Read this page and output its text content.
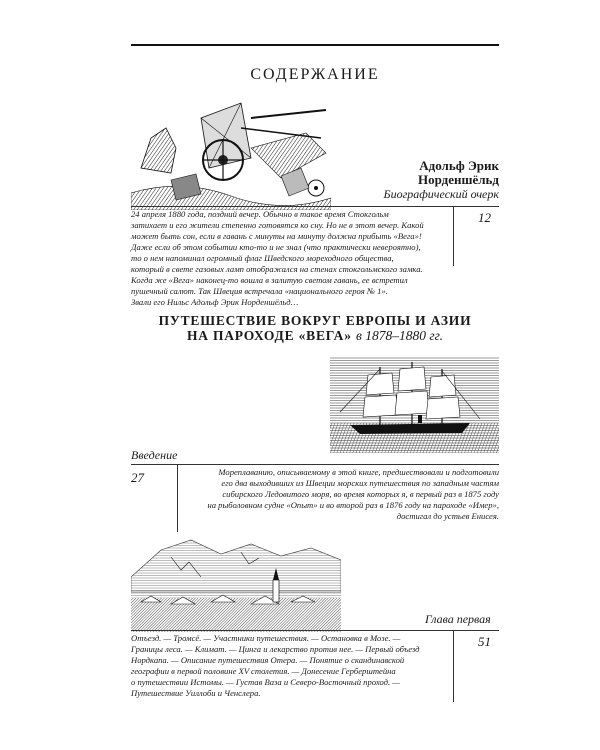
СОДЕРЖАНИЕ
Адольф Эрик
Норденшёльд
Биографический очерк
12
24 апреля 1880 года, поздний вечер. Обычно в такое время Стокгольм
затихает и его жители степенно готовятся ко сну. Но не в этот вечер. Какой
может быть сон, если в гавань с минуты на минуту должна прибыть «Вега»!
Даже если об этом событии кто-то и не знал (что практически невероятно),
то о нем напоминал огромный флаг Шведского мореходного общества,
который в свете газовых ламп отображался на стенах стокгольмского замка.
Когда же «Вега» наконец-то вошла в залитую светом гавань, ее встретил
пушечный салют. Так Швеция встречала «национального героя № 1».
Звали его Нильс Адольф Эрик Норденшёльд…
ПУТЕШЕСТВИЕ ВОКРУГ ЕВРОПЫ И АЗИИ
НА ПАРОХОДЕ «ВЕГА» в 1878–1880 гг.
Введение
27	Мореплаванию, описываемому в этой книге, предшествовали и подготовили
его два выходивших из Швеции морских путешествия по западным частям
сибирского Ледовитого моря, во время которых я, в первый раз в 1875 году
на рыболовном судне «Опыт» и во второй раз в 1876 году на пароходе «Имер»,
достигал до устьев Енисея.
Глава первая
51
Отъезд. — Тромсё. — Участники путешествия. — Остановка в Мозе. —
Границы леса. — Климат. — Цинга и лекарство против нее. — Первый объезд
Нордкапа. — Описание путешествия Отера. — Понятие о скандинавской
географии в первой половине XV столетия. — Донесение Герберштейна
о путешествии Истомы. — Густав Ваза и Северо-Восточный проход. —
Путешествие Уиллоби и Ченслера.
